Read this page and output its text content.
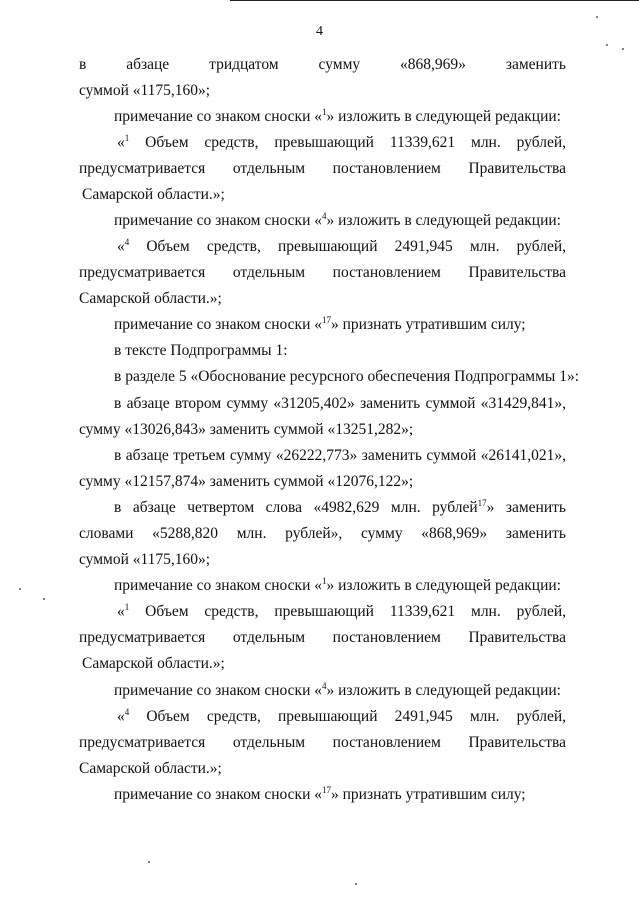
4
в абзаце тридцатом сумму «868,969» заменить
суммой «1175,160»;
примечание со знаком сноски «$^1$» изложить в следующей редакции:
«$^1$ Объем средств, превышающий 11339,621 млн. рублей,
предусматривается отдельным постановлением Правительства
Самарской области.»;
примечание со знаком сноски «$^4$» изложить в следующей редакции:
«$^4$ Объем средств, превышающий 2491,945 млн. рублей,
предусматривается отдельным постановлением Правительства
Самарской области.»;
примечание со знаком сноски «$^{17}$» признать утратившим силу;
в тексте Подпрограммы 1:
в разделе 5 «Обоснование ресурсного обеспечения Подпрограммы 1»:
в абзаце втором сумму «31205,402» заменить суммой «31429,841»,
сумму «13026,843» заменить суммой «13251,282»;
в абзаце третьем сумму «26222,773» заменить суммой «26141,021»,
сумму «12157,874» заменить суммой «12076,122»;
в абзаце четвертом слова «4982,629 млн. рублей$^{17}$» заменить
словами «5288,820 млн. рублей», сумму «868,969» заменить
суммой «1175,160»;
примечание со знаком сноски «$^1$» изложить в следующей редакции:
«$^1$ Объем средств, превышающий 11339,621 млн. рублей,
предусматривается отдельным постановлением Правительства
Самарской области.»;
примечание со знаком сноски «$^4$» изложить в следующей редакции:
«$^4$ Объем средств, превышающий 2491,945 млн. рублей,
предусматривается отдельным постановлением Правительства
Самарской области.»;
примечание со знаком сноски «$^{17}$» признать утратившим силу;
